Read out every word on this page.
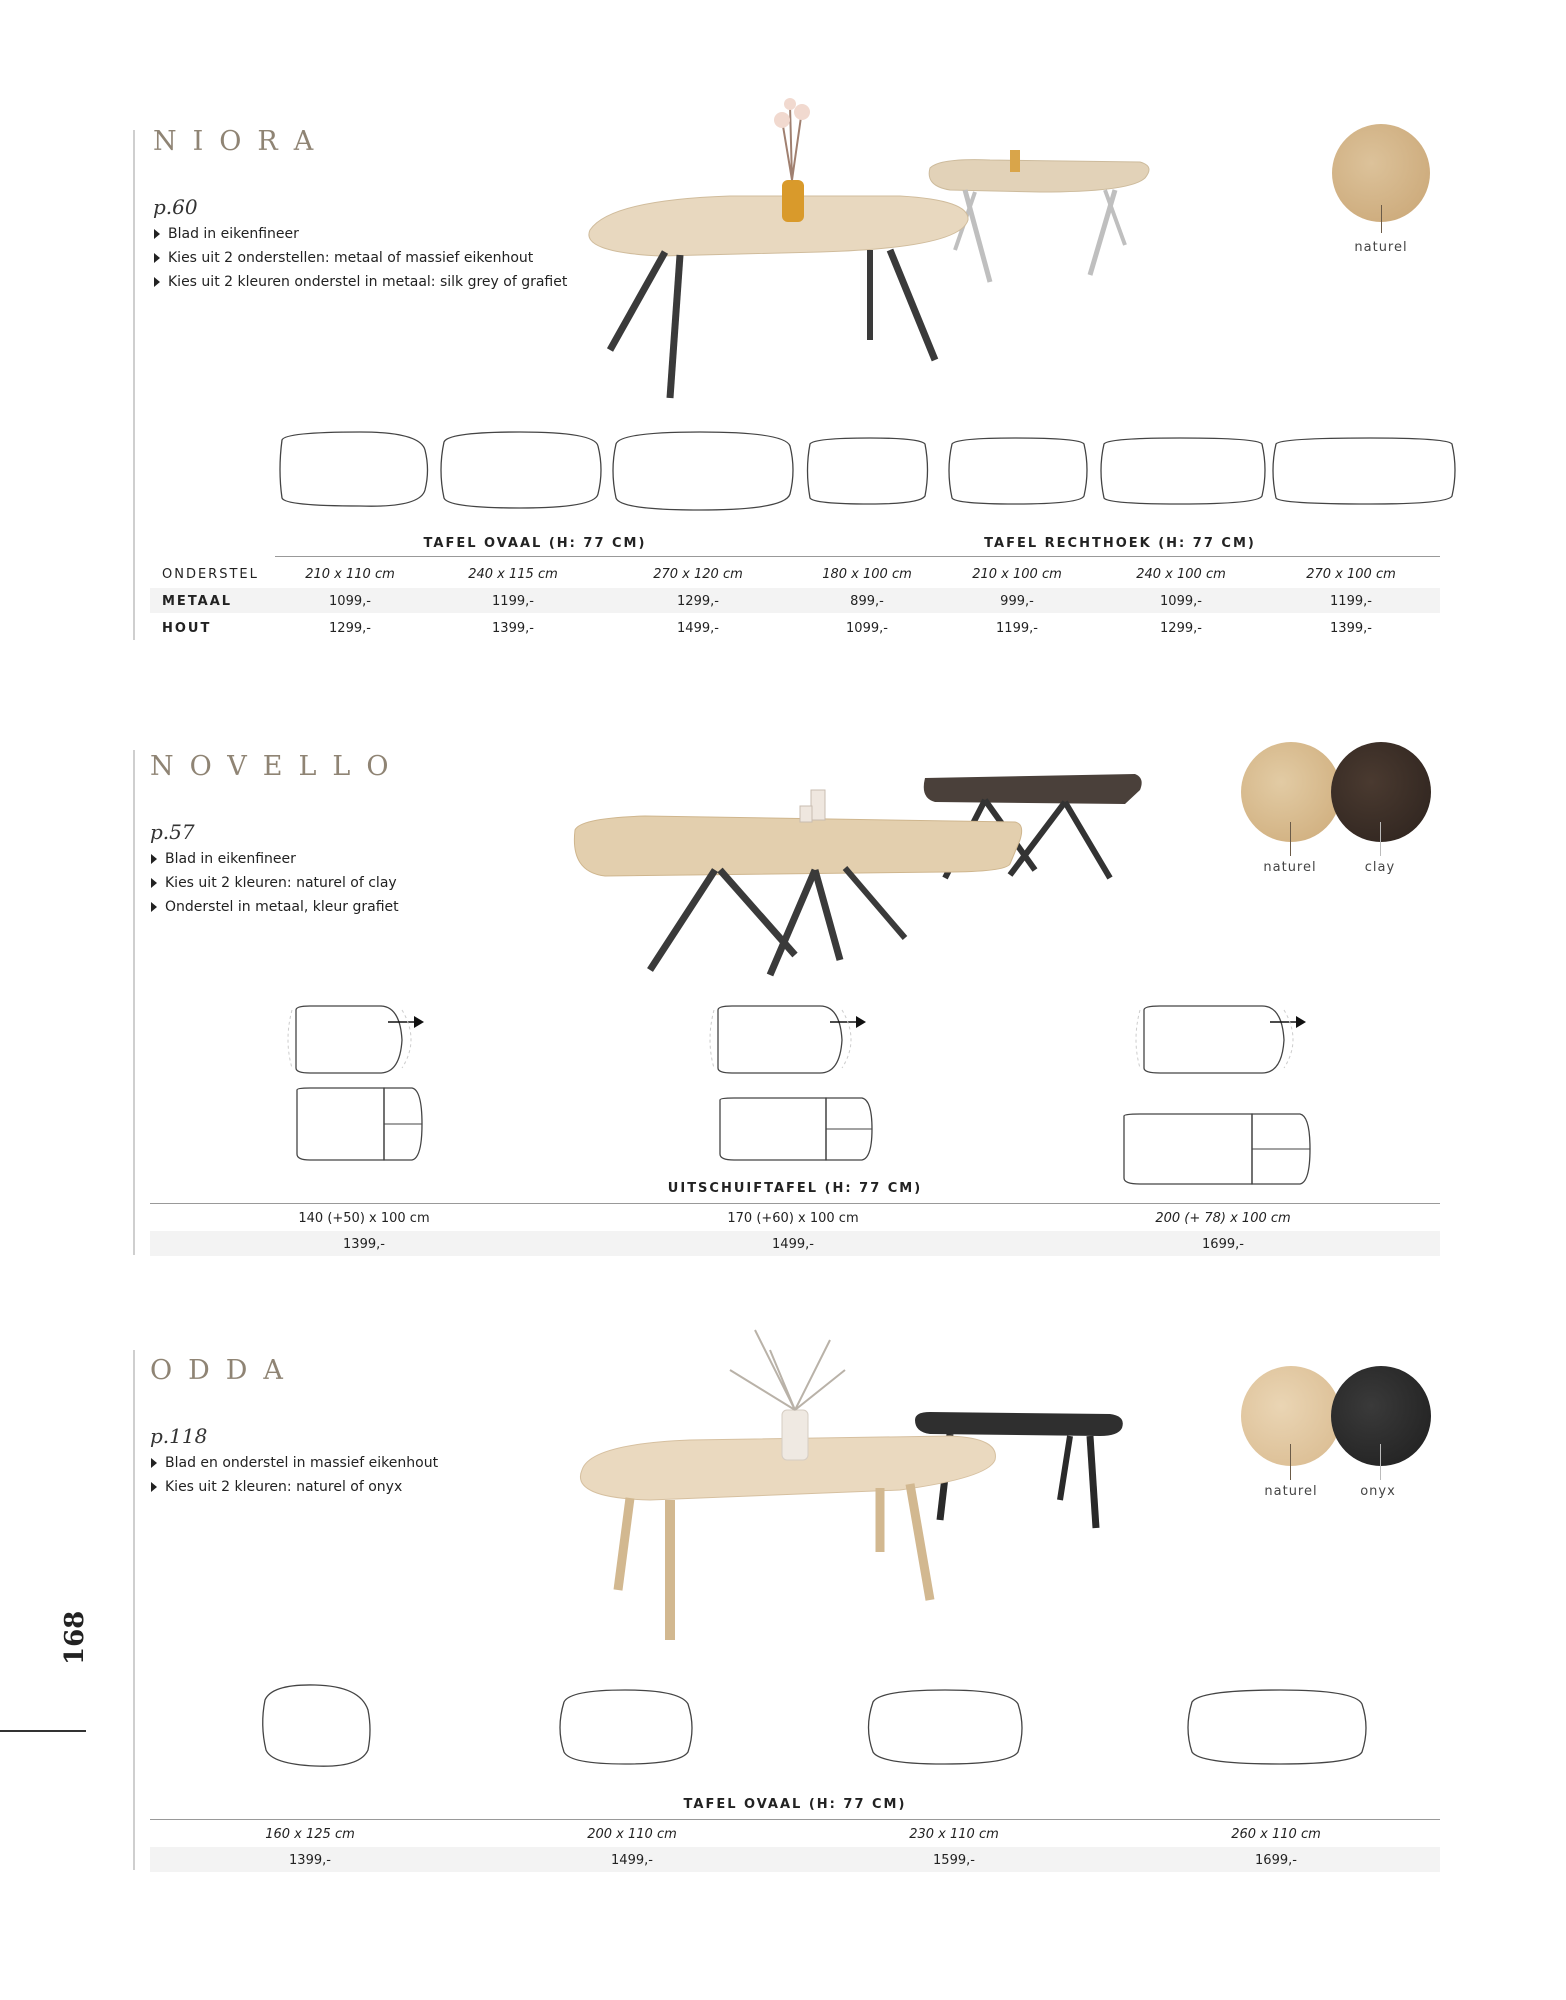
168
NIORA
p.60
Blad in eikenfineer
Kies uit 2 onderstellen: metaal of massief eikenhout
Kies uit 2 kleuren onderstel in metaal: silk grey of grafiet
naturel
TAFEL OVAAL (H: 77 CM)	TAFEL RECHTHOEK (H: 77 CM)
ONDERSTEL	210 x 110 cm	240 x 115 cm	270 x 120 cm	180 x 100 cm	210 x 100 cm	240 x 100 cm	270 x 100 cm
METAAL	1099,-	1199,-	1299,-	899,-	999,-	1099,-	1199,-
HOUT	1299,-	1399,-	1499,-	1099,-	1199,-	1299,-	1399,-
NOVELLO
p.57
Blad in eikenfineer
Kies uit 2 kleuren: naturel of clay
Onderstel in metaal, kleur grafiet
naturel	clay
UITSCHUIFTAFEL (H: 77 CM)
140 (+50) x 100 cm	170 (+60) x 100 cm	200 (+ 78) x 100 cm
1399,-	1499,-	1699,-
ODDA
p.118
Blad en onderstel in massief eikenhout
Kies uit 2 kleuren: naturel of onyx	naturel	onyx
TAFEL OVAAL (H: 77 CM)
160 x 125 cm	200 x 110 cm	230 x 110 cm	260 x 110 cm
1399,-	1499,-	1599,-	1699,-
